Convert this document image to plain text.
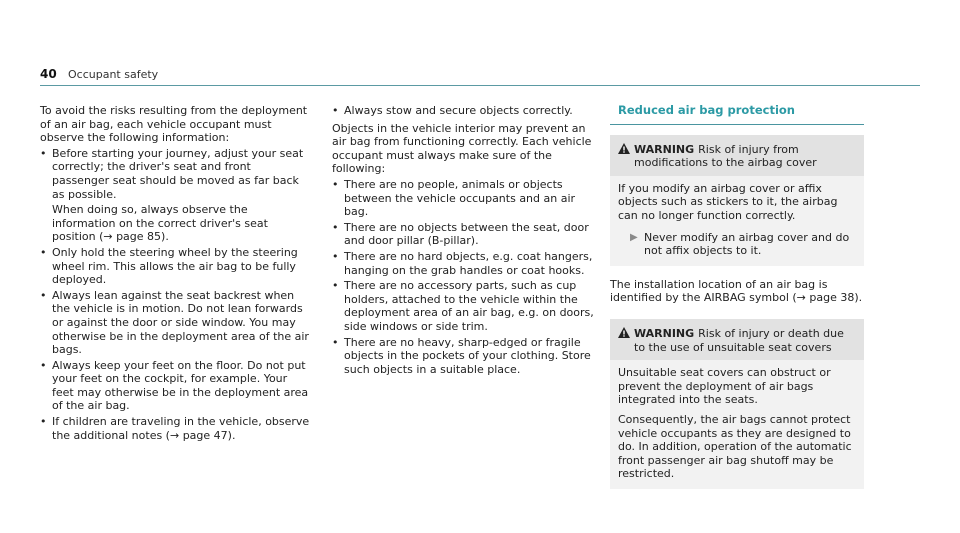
40	Occupant safety

To avoid the risks resulting from the deployment of an air bag, each vehicle occupant must observe the following information:

• Before starting your journey, adjust your seat correctly; the driver's seat and front passenger seat should be moved as far back as possible.

When doing so, always observe the information on the correct driver's seat position (→ page 85).

• Only hold the steering wheel by the steering wheel rim. This allows the air bag to be fully deployed.
• Always lean against the seat backrest when the vehicle is in motion. Do not lean forwards or against the door or side window. You may otherwise be in the deployment area of the air bags.
• Always keep your feet on the floor. Do not put your feet on the cockpit, for example. Your feet may otherwise be in the deployment area of the air bag.
• If children are traveling in the vehicle, observe the additional notes (→ page 47).
• Always stow and secure objects correctly.

Objects in the vehicle interior may prevent an air bag from functioning correctly. Each vehicle occupant must always make sure of the following:

• There are no people, animals or objects between the vehicle occupants and an air bag.
• There are no objects between the seat, door and door pillar (B-pillar).
• There are no hard objects, e.g. coat hangers, hanging on the grab handles or coat hooks.
• There are no accessory parts, such as cup holders, attached to the vehicle within the deployment area of an air bag, e.g. on doors, side windows or side trim.
• There are no heavy, sharp-edged or fragile objects in the pockets of your clothing. Store such objects in a suitable place.
Reduced air bag protection
WARNING Risk of injury from modifications to the airbag cover

If you modify an airbag cover or affix objects such as stickers to it, the airbag can no longer function correctly.

▶ Never modify an airbag cover and do not affix objects to it.

The installation location of an air bag is identified by the AIRBAG symbol (→ page 38).

WARNING Risk of injury or death due to the use of unsuitable seat covers

Unsuitable seat covers can obstruct or prevent the deployment of air bags integrated into the seats.

Consequently, the air bags cannot protect vehicle occupants as they are designed to do. In addition, operation of the automatic front passenger air bag shutoff may be restricted.
